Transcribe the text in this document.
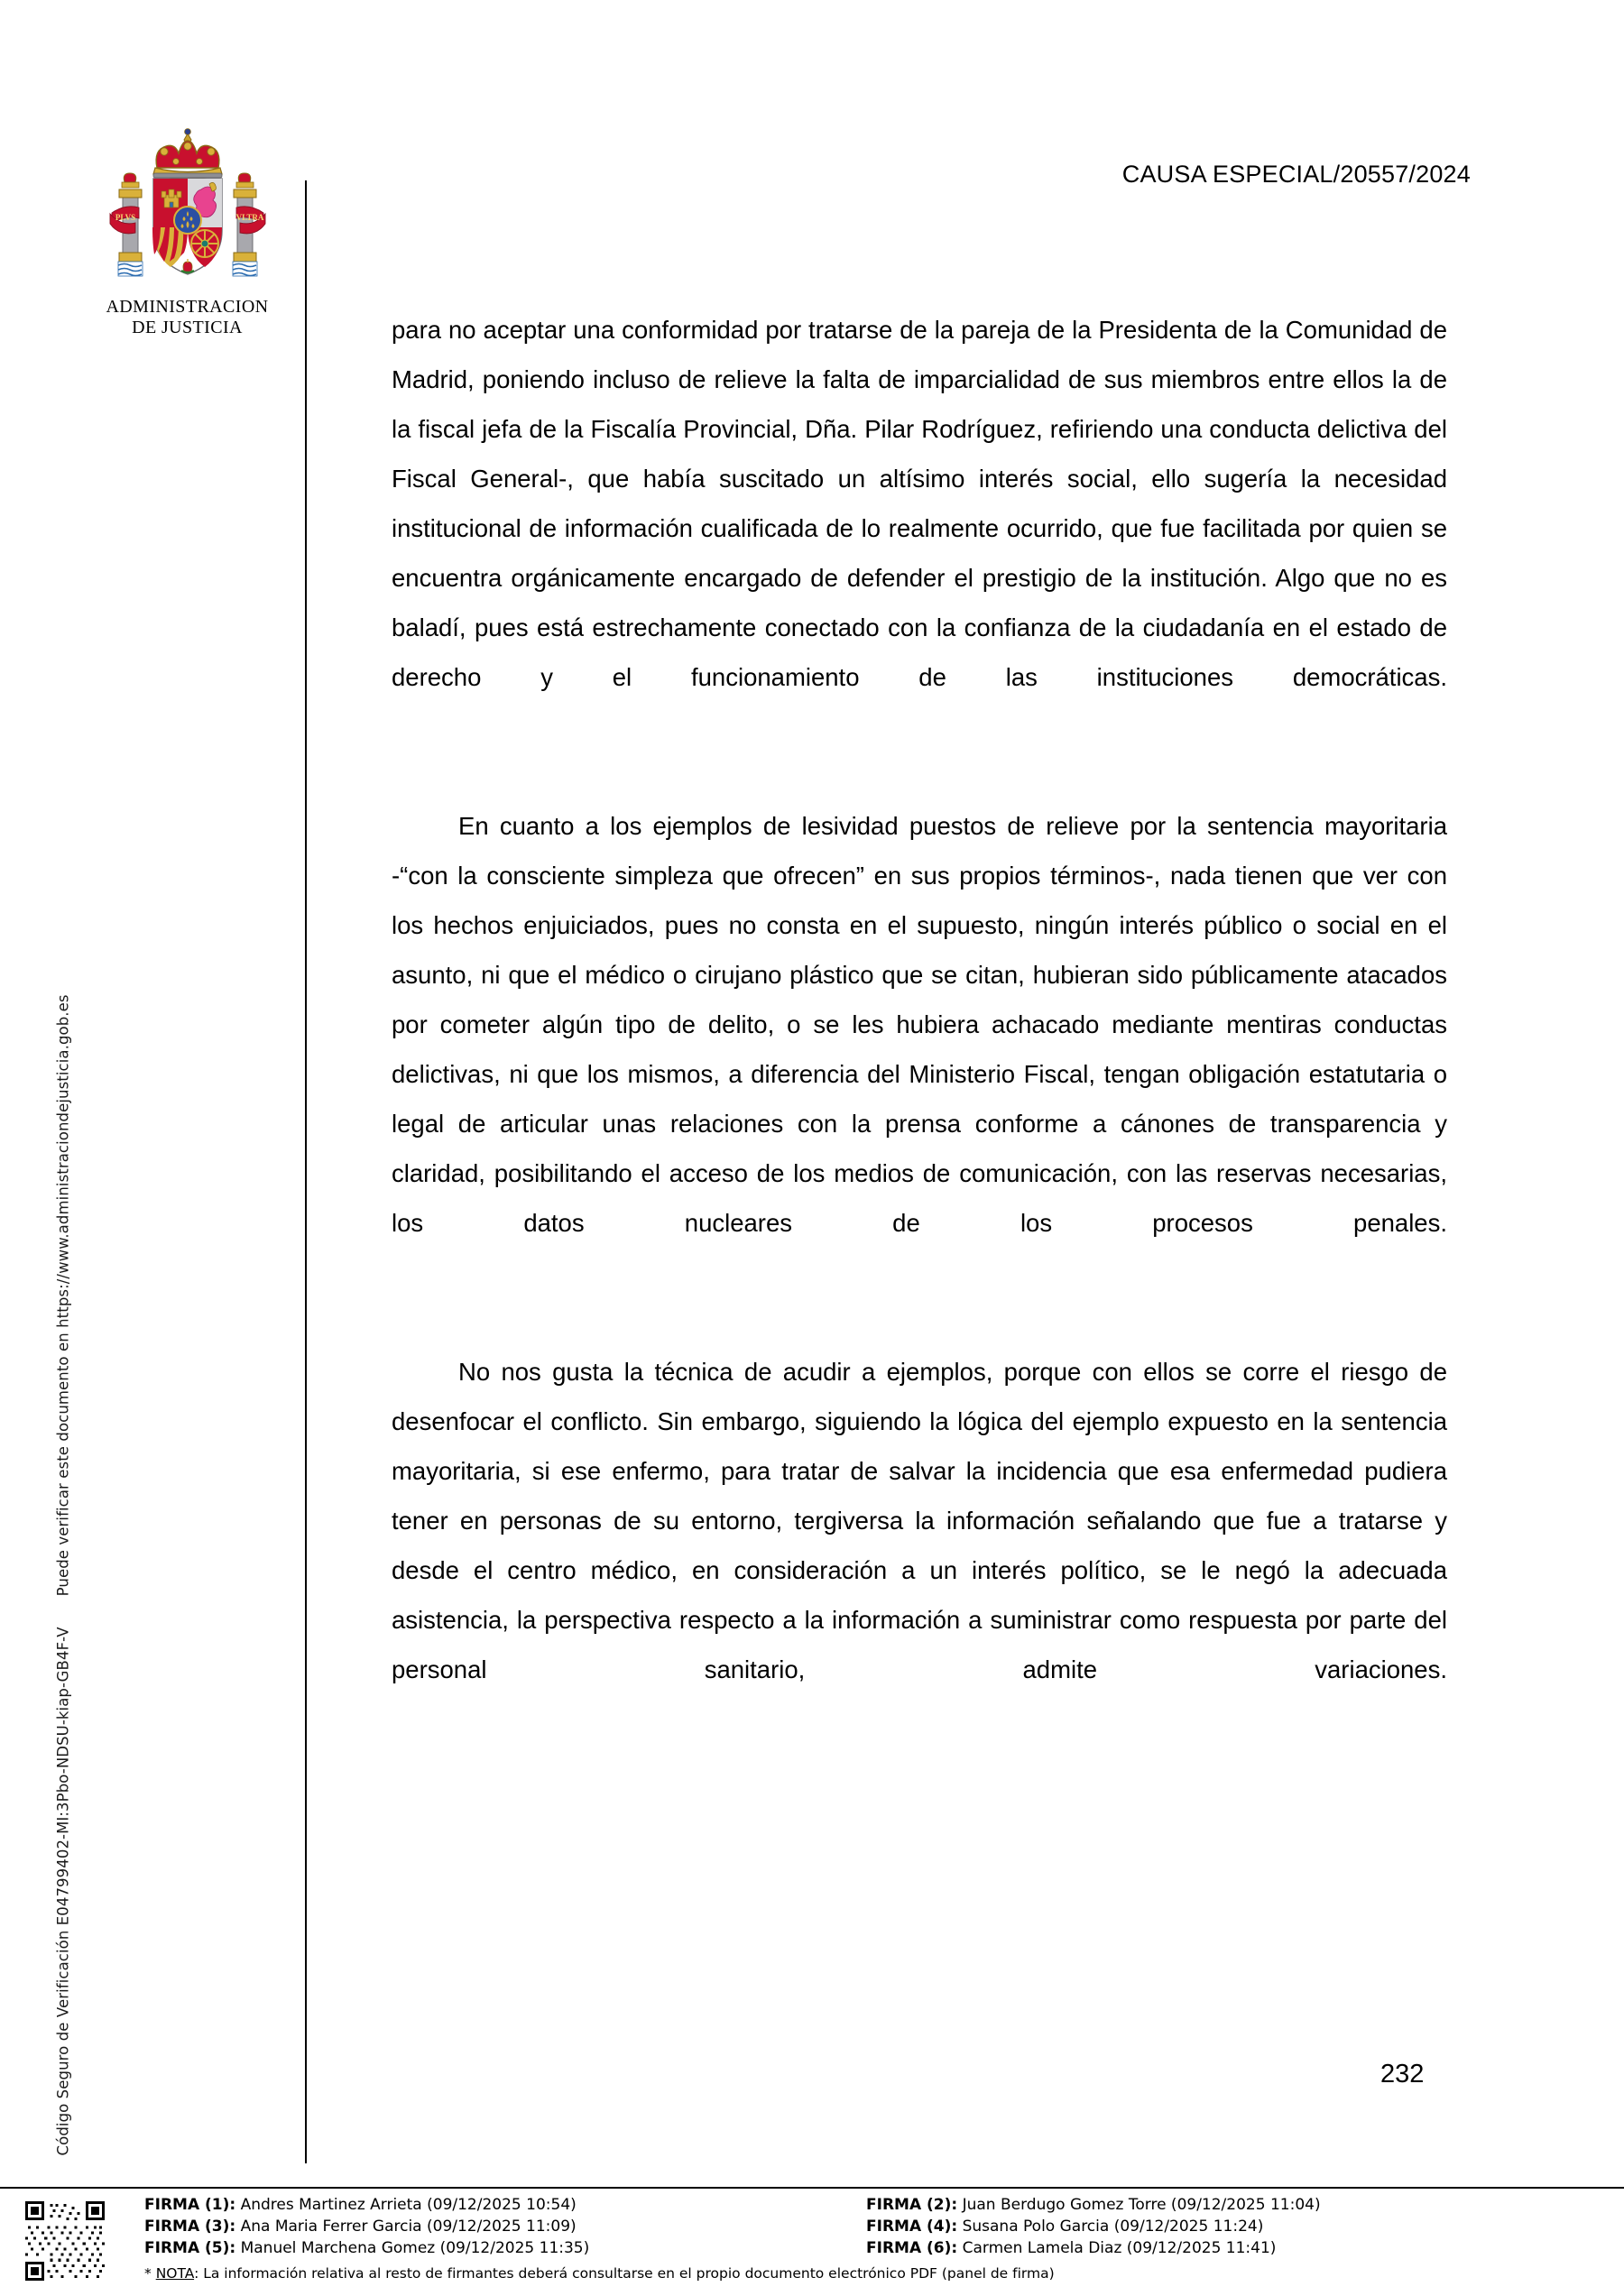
Código Seguro de Verificación E04799402-MI:3Pbo-NDSU-kiap-GB4F-VPuede verificar este documento en https://www.administraciondejusticia.gob.es
PLVS	VLTRA
ADMINISTRACION
DE JUSTICIA
CAUSA ESPECIAL/20557/2024

para no aceptar una conformidad por tratarse de la pareja de la Presidenta de la Comunidad de Madrid, poniendo incluso de relieve la falta de imparcialidad de sus miembros entre ellos la de la fiscal jefa de la Fiscalía Provincial, Dña. Pilar Rodríguez, refiriendo una conducta delictiva del Fiscal General-, que había suscitado un altísimo interés social, ello sugería la necesidad institucional de información cualificada de lo realmente ocurrido, que fue facilitada por quien se encuentra orgánicamente encargado de defender el prestigio de la institución. Algo que no es baladí, pues está estrechamente conectado con la confianza de la ciudadanía en el estado de derecho y el funcionamiento de las instituciones democráticas.

En cuanto a los ejemplos de lesividad puestos de relieve por la sentencia mayoritaria -“con la consciente simpleza que ofrecen” en sus propios términos-, nada tienen que ver con los hechos enjuiciados, pues no consta en el supuesto, ningún interés público o social en el asunto, ni que el médico o cirujano plástico que se citan, hubieran sido públicamente atacados por cometer algún tipo de delito, o se les hubiera achacado mediante mentiras conductas delictivas, ni que los mismos, a diferencia del Ministerio Fiscal, tengan obligación estatutaria o legal de articular unas relaciones con la prensa conforme a cánones de transparencia y claridad, posibilitando el acceso de los medios de comunicación, con las reservas necesarias, los datos nucleares de los procesos penales.

No nos gusta la técnica de acudir a ejemplos, porque con ellos se corre el riesgo de desenfocar el conflicto. Sin embargo, siguiendo la lógica del ejemplo expuesto en la sentencia mayoritaria, si ese enfermo, para tratar de salvar la incidencia que esa enfermedad pudiera tener en personas de su entorno, tergiversa la información señalando que fue a tratarse y desde el centro médico, en consideración a un interés político, se le negó la adecuada asistencia, la perspectiva respecto a la información a suministrar como respuesta por parte del personal sanitario, admite variaciones.

232
FIRMA (1): Andres Martinez Arrieta (09/12/2025 10:54)	FIRMA (2): Juan Berdugo Gomez Torre (09/12/2025 11:04)
FIRMA (3): Ana Maria Ferrer Garcia (09/12/2025 11:09)	FIRMA (4): Susana Polo Garcia (09/12/2025 11:24)
FIRMA (5): Manuel Marchena Gomez (09/12/2025 11:35)	FIRMA (6): Carmen Lamela Diaz (09/12/2025 11:41)
* NOTA: La información relativa al resto de firmantes deberá consultarse en el propio documento electrónico PDF (panel de firma)
